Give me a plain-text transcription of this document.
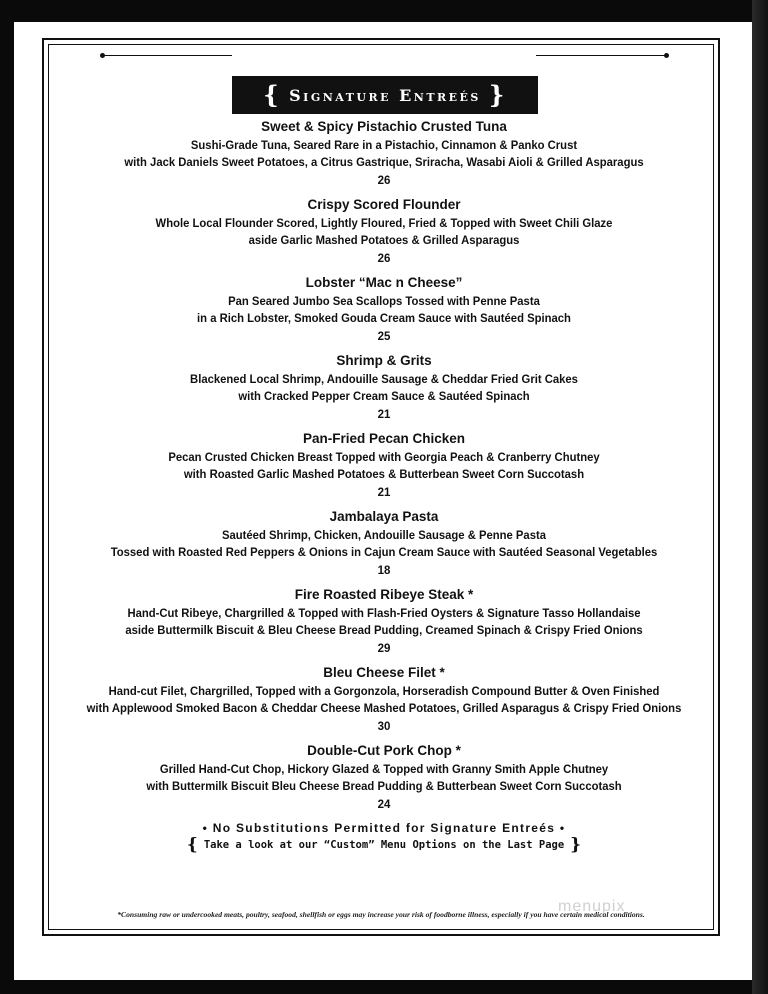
{ Signature Entreés }
Sweet & Spicy Pistachio Crusted Tuna
Sushi-Grade Tuna, Seared Rare in a Pistachio, Cinnamon & Panko Crust
with Jack Daniels Sweet Potatoes, a Citrus Gastrique, Sriracha, Wasabi Aioli & Grilled Asparagus
26
Crispy Scored Flounder
Whole Local Flounder Scored, Lightly Floured, Fried & Topped with Sweet Chili Glaze
aside Garlic Mashed Potatoes & Grilled Asparagus
26
Lobster “Mac n Cheese”
Pan Seared Jumbo Sea Scallops Tossed with Penne Pasta
in a Rich Lobster, Smoked Gouda Cream Sauce with Sautéed Spinach
25
Shrimp & Grits
Blackened Local Shrimp, Andouille Sausage & Cheddar Fried Grit Cakes
with Cracked Pepper Cream Sauce & Sautéed Spinach
21
Pan-Fried Pecan Chicken
Pecan Crusted Chicken Breast Topped with Georgia Peach & Cranberry Chutney
with Roasted Garlic Mashed Potatoes & Butterbean Sweet Corn Succotash
21
Jambalaya Pasta
Sautéed Shrimp, Chicken, Andouille Sausage & Penne Pasta
Tossed with Roasted Red Peppers & Onions in Cajun Cream Sauce with Sautéed Seasonal Vegetables
18
Fire Roasted Ribeye Steak *
Hand-Cut Ribeye, Chargrilled & Topped with Flash-Fried Oysters & Signature Tasso Hollandaise
aside Buttermilk Biscuit & Bleu Cheese Bread Pudding, Creamed Spinach & Crispy Fried Onions
29
Bleu Cheese Filet *
Hand-cut Filet, Chargrilled, Topped with a Gorgonzola, Horseradish Compound Butter & Oven Finished
with Applewood Smoked Bacon & Cheddar Cheese Mashed Potatoes, Grilled Asparagus & Crispy Fried Onions
30
Double-Cut Pork Chop *
Grilled Hand-Cut Chop, Hickory Glazed & Topped with Granny Smith Apple Chutney
with Buttermilk Biscuit Bleu Cheese Bread Pudding & Butterbean Sweet Corn Succotash
24
• No Substitutions Permitted for Signature Entreés •
{ Take a look at our “Custom” Menu Options on the Last Page }
menupix
*Consuming raw or undercooked meats, poultry, seafood, shellfish or eggs may increase your risk of foodborne illness, especially if you have certain medical conditions.
